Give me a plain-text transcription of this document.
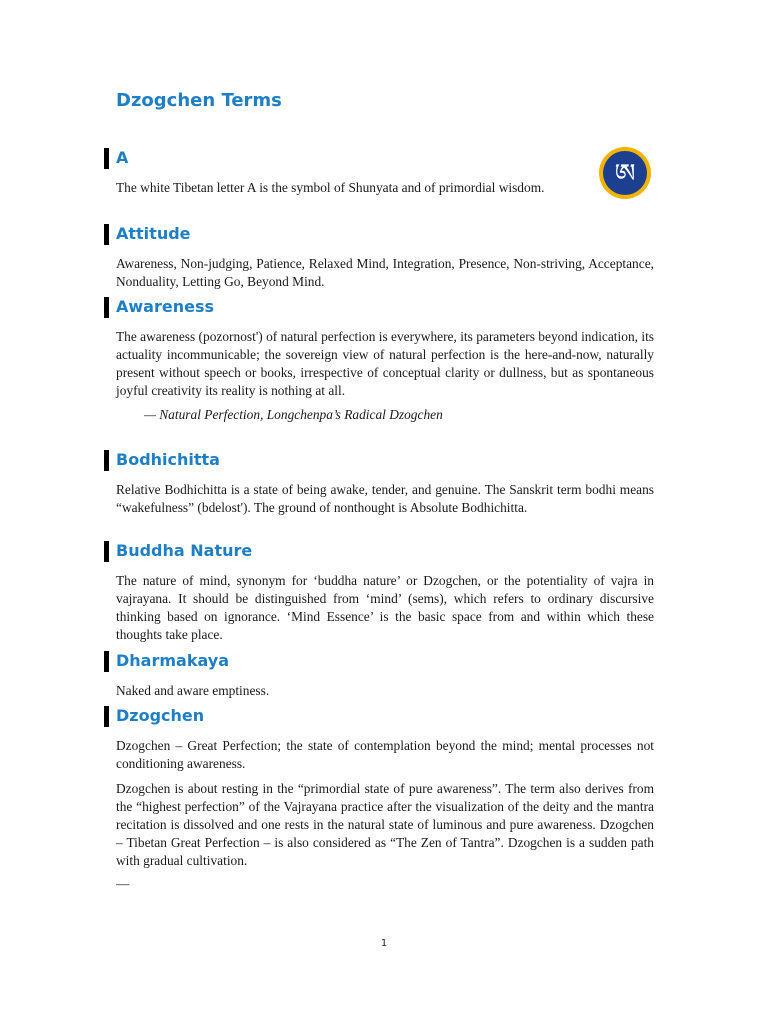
Dzogchen Terms
A

The white Tibetan letter A is the symbol of Shunyata and of primordial wisdom.

Attitude

Awareness, Non-judging, Patience, Relaxed Mind, Integration, Presence, Non-striving, Acceptance, Nonduality, Letting Go, Beyond Mind.

Awareness

The awareness (pozornost') of natural perfection is everywhere, its parameters beyond indication, its actuality incommunicable; the sovereign view of natural perfection is the here-and-now, naturally present without speech or books, irrespective of conceptual clarity or dullness, but as spontaneous joyful creativity its reality is nothing at all.

— Natural Perfection, Longchenpa’s Radical Dzogchen
Bodhichitta

Relative Bodhichitta is a state of being awake, tender, and genuine. The Sanskrit term bodhi means “wakefulness” (bdelost'). The ground of nonthought is Absolute Bodhichitta.

Buddha Nature

The nature of mind, synonym for ‘buddha nature’ or Dzogchen, or the potentiality of vajra in vajrayana. It should be distinguished from ‘mind’ (sems), which refers to ordinary discursive thinking based on ignorance. ‘Mind Essence’ is the basic space from and within which these thoughts take place.

Dharmakaya

Naked and aware emptiness.

Dzogchen

Dzogchen – Great Perfection; the state of contemplation beyond the mind; mental processes not conditioning awareness.

Dzogchen is about resting in the “primordial state of pure awareness”. The term also derives from the “highest perfection” of the Vajrayana practice after the visualization of the deity and the mantra recitation is dissolved and one rests in the natural state of luminous and pure awareness. Dzogchen – Tibetan Great Perfection – is also considered as “The Zen of Tantra”. Dzogchen is a sudden path with gradual cultivation.

—
ཨ
1
